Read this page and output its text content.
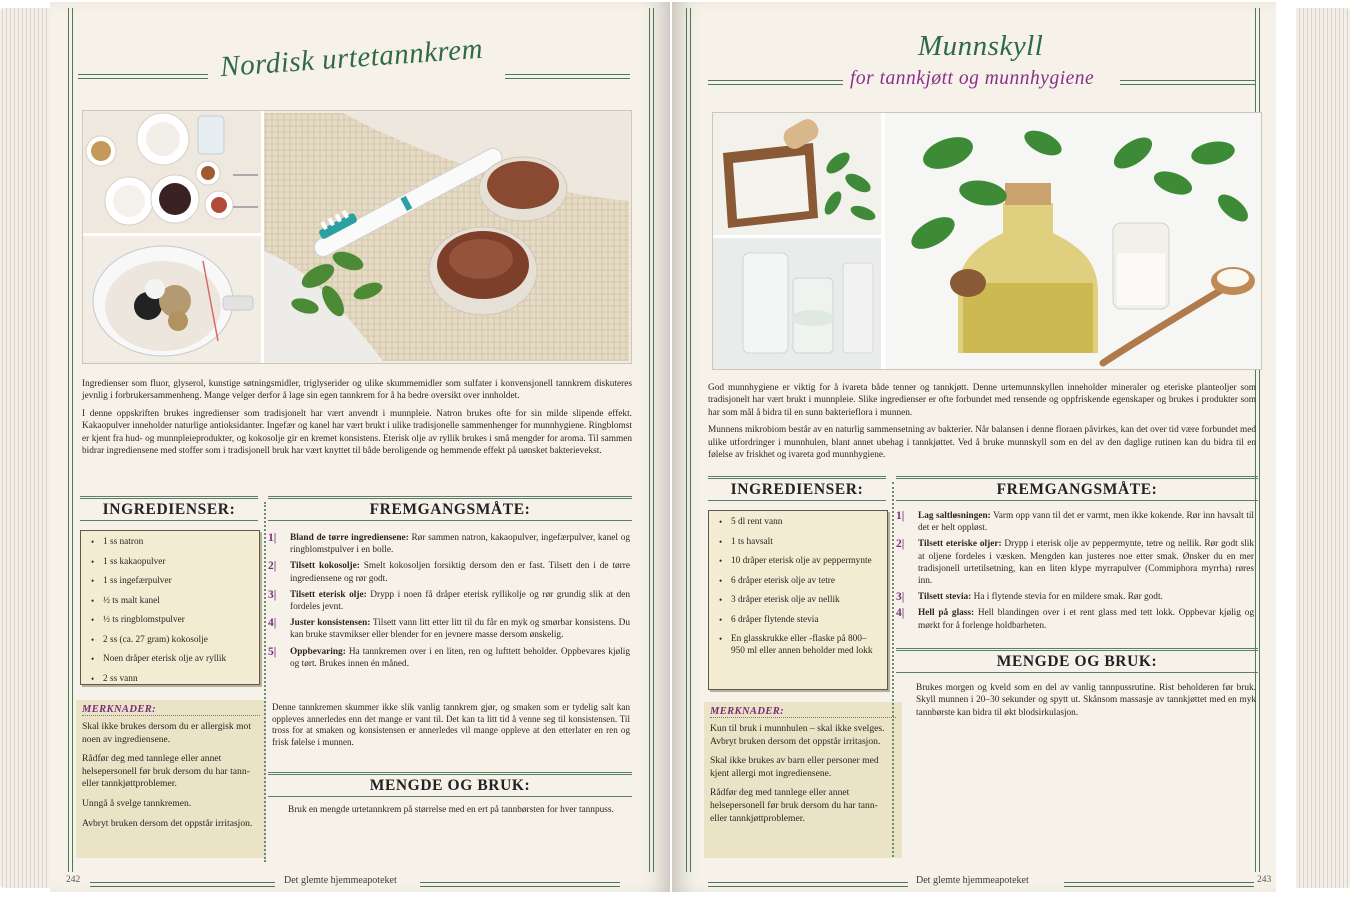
Nordisk urtetannkrem

Ingredienser som fluor, glyserol, kunstige søtningsmidler, triglyserider og ulike skummemidler som sulfater i konvensjonell tannkrem diskuteres jevnlig i forbrukersammenheng. Mange velger derfor å lage sin egen tannkrem for å ha bedre oversikt over innholdet.

I denne oppskriften brukes ingredienser som tradisjonelt har vært anvendt i munnpleie. Natron brukes ofte for sin milde slipende effekt. Kakaopulver inneholder naturlige antioksidanter. Ingefær og kanel har vært brukt i ulike tradisjonelle sammenhenger for munnhygiene. Ringblomst er kjent fra hud- og munnpleieprodukter, og kokosolje gir en kremet konsistens. Eterisk olje av ryllik brukes i små mengder for aroma. Til sammen bidrar ingrediensene med stoffer som i tradisjonell bruk har vært knyttet til både beroligende og hemmende effekt på uønsket bakterievekst.

INGREDIENSER:
• 1 ss natron
• 1 ss kakaopulver
• 1 ss ingefærpulver
• ½ ts malt kanel
• ½ ts ringblomstpulver
• 2 ss (ca. 27 gram) kokosolje
• Noen dråper eterisk olje av ryllik
• 2 ss vann
MERKNADER:

Skal ikke brukes dersom du er allergisk mot noen av ingrediensene.

Rådfør deg med tannlege eller annet helsepersonell før bruk dersom du har tann- eller tannkjøttproblemer.

Unngå å svelge tannkremen.

Avbryt bruken dersom det oppstår irritasjon.

FREMGANGSMÅTE:
1| Bland de tørre ingrediensene: Rør sammen natron, kakaopulver, ingefærpulver, kanel og ringblomstpulver i en bolle.
2| Tilsett kokosolje: Smelt kokosoljen forsiktig dersom den er fast. Tilsett den i de tørre ingrediensene og rør godt.
3| Tilsett eterisk olje: Drypp i noen få dråper eterisk ryllikolje og rør grundig slik at den fordeles jevnt.
4| Juster konsistensen: Tilsett vann litt etter litt til du får en myk og smørbar konsistens. Du kan bruke stavmikser eller blender for en jevnere masse dersom ønskelig.
5| Oppbevaring: Ha tannkremen over i en liten, ren og lufttett beholder. Oppbevares kjølig og tørt. Brukes innen én måned.
Denne tannkremen skummer ikke slik vanlig tannkrem gjør, og smaken som er tydelig salt kan oppleves annerledes enn det mange er vant til. Det kan ta litt tid å venne seg til konsistensen. Til tross for at smaken og konsistensen er annerledes vil mange oppleve at den etterlater en ren og frisk følelse i munnen.
MENGDE OG BRUK:
Bruk en mengde urtetannkrem på størrelse med en ert på tannbørsten for hver tannpuss.
242	Det glemte hjemmeapoteket
Munnskyll
for tannkjøtt og munnhygiene

God munnhygiene er viktig for å ivareta både tenner og tannkjøtt. Denne urtemunnskyllen inneholder mineraler og eteriske planteoljer som tradisjonelt har vært brukt i munnpleie. Slike ingredienser er ofte forbundet med rensende og oppfriskende egenskaper og brukes i produkter som har som mål å bidra til en sunn bakterieflora i munnen.

Munnens mikrobiom består av en naturlig sammensetning av bakterier. Når balansen i denne floraen påvirkes, kan det over tid være forbundet med ulike utfordringer i munnhulen, blant annet ubehag i tannkjøttet. Ved å bruke munnskyll som en del av den daglige rutinen kan du bidra til en følelse av friskhet og ivareta god munnhygiene.

INGREDIENSER:
• 5 dl rent vann
• 1 ts havsalt
• 10 dråper eterisk olje av peppermynte
• 6 dråper eterisk olje av tetre
• 3 dråper eterisk olje av nellik
• 6 dråper flytende stevia
• En glasskrukke eller -flaske på 800–950 ml eller annen beholder med lokk
MERKNADER:

Kun til bruk i munnhulen – skal ikke svelges. Avbryt bruken dersom det oppstår irritasjon.

Skal ikke brukes av barn eller personer med kjent allergi mot ingrediensene.

Rådfør deg med tannlege eller annet helsepersonell før bruk dersom du har tann- eller tannkjøttproblemer.

FREMGANGSMÅTE:
1| Lag saltløsningen: Varm opp vann til det er varmt, men ikke kokende. Rør inn havsalt til det er helt oppløst.
2| Tilsett eteriske oljer: Drypp i eterisk olje av peppermynte, tetre og nellik. Rør godt slik at oljene fordeles i væsken. Mengden kan justeres noe etter smak. Ønsker du en mer tradisjonell urtetilsetning, kan en liten klype myrrapulver (Commiphora myrrha) røres inn.
3| Tilsett stevia: Ha i flytende stevia for en mildere smak. Rør godt.
4| Hell på glass: Hell blandingen over i et rent glass med tett lokk. Oppbevar kjølig og mørkt for å forlenge holdbarheten.
MENGDE OG BRUK:
Brukes morgen og kveld som en del av vanlig tannpussrutine. Rist beholderen før bruk. Skyll munnen i 20–30 sekunder og spytt ut. Skånsom massasje av tannkjøttet med en myk tannbørste kan bidra til økt blodsirkulasjon.
Det glemte hjemmeapoteket	243
